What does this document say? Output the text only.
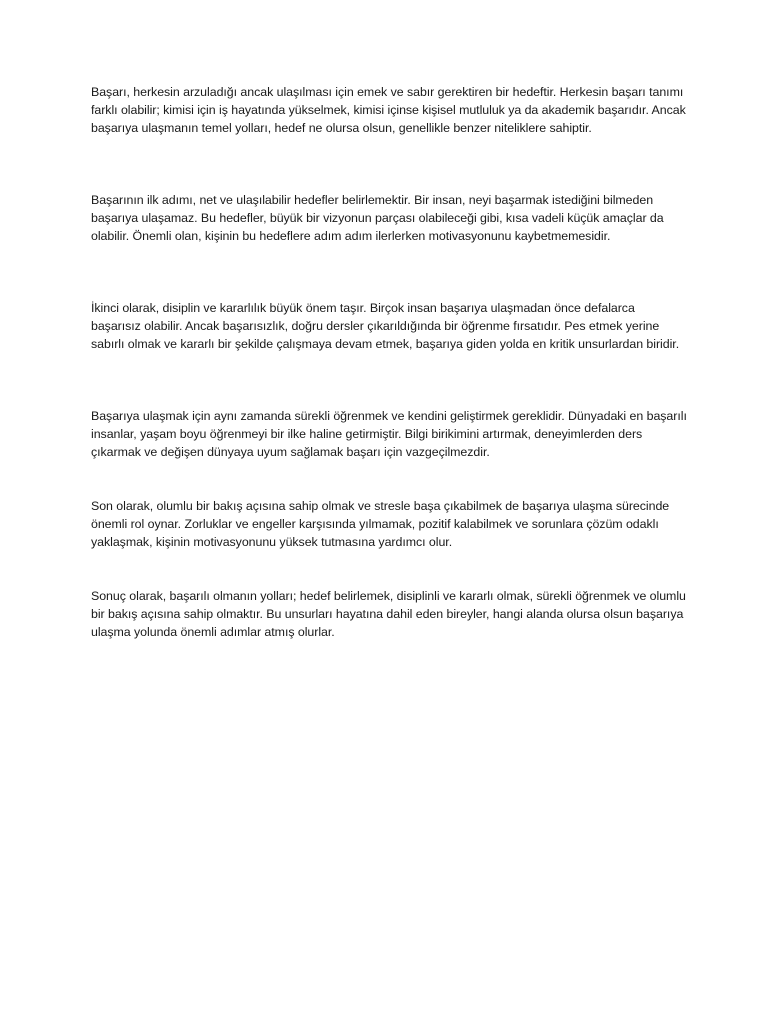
Başarı, herkesin arzuladığı ancak ulaşılması için emek ve sabır gerektiren bir hedeftir. Herkesin başarı tanımı farklı olabilir; kimisi için iş hayatında yükselmek, kimisi içinse kişisel mutluluk ya da akademik başarıdır. Ancak başarıya ulaşmanın temel yolları, hedef ne olursa olsun, genellikle benzer niteliklere sahiptir.

Başarının ilk adımı, net ve ulaşılabilir hedefler belirlemektir. Bir insan, neyi başarmak istediğini bilmeden başarıya ulaşamaz. Bu hedefler, büyük bir vizyonun parçası olabileceği gibi, kısa vadeli küçük amaçlar da olabilir. Önemli olan, kişinin bu hedeflere adım adım ilerlerken motivasyonunu kaybetmemesidir.

İkinci olarak, disiplin ve kararlılık büyük önem taşır. Birçok insan başarıya ulaşmadan önce defalarca başarısız olabilir. Ancak başarısızlık, doğru dersler çıkarıldığında bir öğrenme fırsatıdır. Pes etmek yerine sabırlı olmak ve kararlı bir şekilde çalışmaya devam etmek, başarıya giden yolda en kritik unsurlardan biridir.

Başarıya ulaşmak için aynı zamanda sürekli öğrenmek ve kendini geliştirmek gereklidir. Dünyadaki en başarılı insanlar, yaşam boyu öğrenmeyi bir ilke haline getirmiştir. Bilgi birikimini artırmak, deneyimlerden ders çıkarmak ve değişen dünyaya uyum sağlamak başarı için vazgeçilmezdir.

Son olarak, olumlu bir bakış açısına sahip olmak ve stresle başa çıkabilmek de başarıya ulaşma sürecinde önemli rol oynar. Zorluklar ve engeller karşısında yılmamak, pozitif kalabilmek ve sorunlara çözüm odaklı yaklaşmak, kişinin motivasyonunu yüksek tutmasına yardımcı olur.

Sonuç olarak, başarılı olmanın yolları; hedef belirlemek, disiplinli ve kararlı olmak, sürekli öğrenmek ve olumlu bir bakış açısına sahip olmaktır. Bu unsurları hayatına dahil eden bireyler, hangi alanda olursa olsun başarıya ulaşma yolunda önemli adımlar atmış olurlar.
